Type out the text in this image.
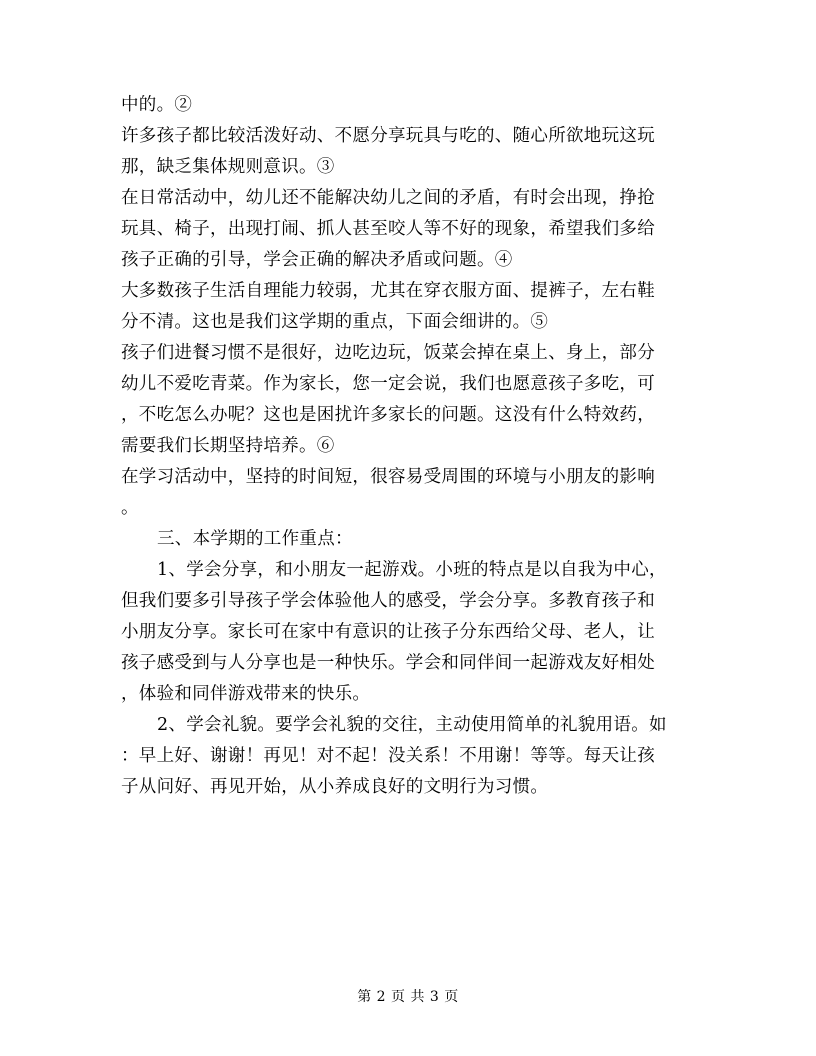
中的。②
许多孩子都比较活泼好动、不愿分享玩具与吃的、随心所欲地玩这玩
那，缺乏集体规则意识。③
在日常活动中，幼儿还不能解决幼儿之间的矛盾，有时会出现，挣抢
玩具、椅子，出现打闹、抓人甚至咬人等不好的现象，希望我们多给
孩子正确的引导，学会正确的解决矛盾或问题。④
大多数孩子生活自理能力较弱，尤其在穿衣服方面、提裤子，左右鞋
分不清。这也是我们这学期的重点，下面会细讲的。⑤
孩子们进餐习惯不是很好，边吃边玩，饭菜会掉在桌上、身上，部分
幼儿不爱吃青菜。作为家长，您一定会说，我们也愿意孩子多吃，可
，不吃怎么办呢？这也是困扰许多家长的问题。这没有什么特效药，
需要我们长期坚持培养。⑥
在学习活动中，坚持的时间短，很容易受周围的环境与小朋友的影响
。
三、本学期的工作重点：
1、学会分享，和小朋友一起游戏。小班的特点是以自我为中心，
但我们要多引导孩子学会体验他人的感受，学会分享。多教育孩子和
小朋友分享。家长可在家中有意识的让孩子分东西给父母、老人，让
孩子感受到与人分享也是一种快乐。学会和同伴间一起游戏友好相处
，体验和同伴游戏带来的快乐。
2、学会礼貌。要学会礼貌的交往，主动使用简单的礼貌用语。如
：早上好、谢谢！再见！对不起！没关系！不用谢！等等。每天让孩
子从问好、再见开始，从小养成良好的文明行为习惯。
第 2 页 共 3 页
